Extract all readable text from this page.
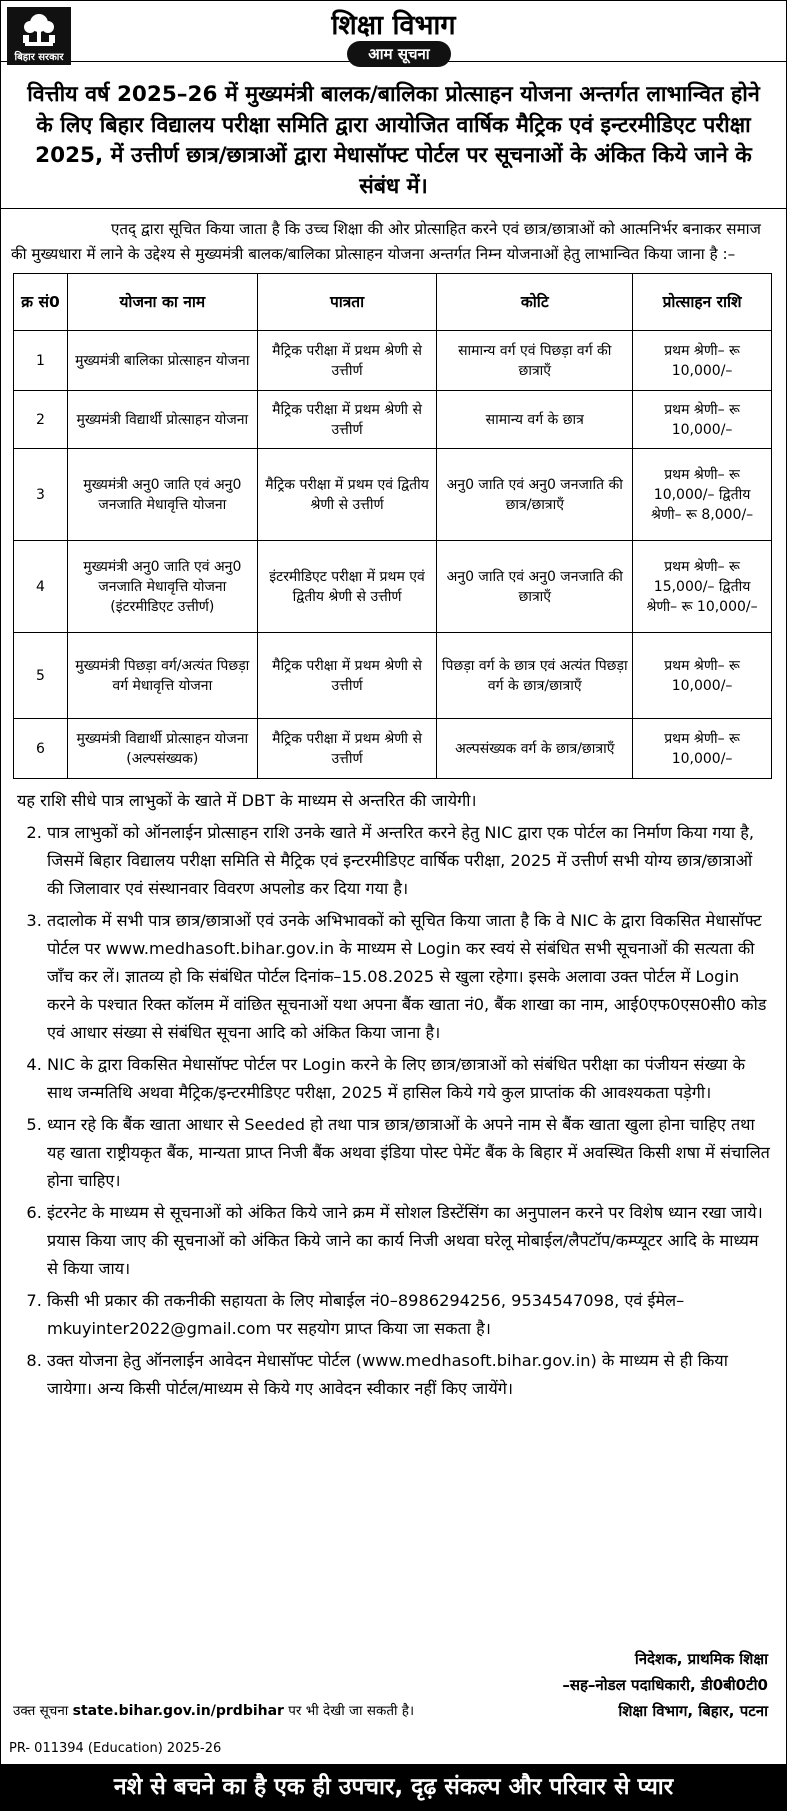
बिहार सरकार
शिक्षा विभाग
आम सूचना
वित्तीय वर्ष 2025–26 में मुख्यमंत्री बालक/बालिका प्रोत्साहन योजना अन्तर्गत लाभान्वित होने के लिए बिहार विद्यालय परीक्षा समिति द्वारा आयोजित वार्षिक मैट्रिक एवं इन्टरमीडिएट परीक्षा 2025, में उत्तीर्ण छात्र/छात्राओं द्वारा मेधासॉफ्ट पोर्टल पर सूचनाओं के अंकित किये जाने के संबंध में।
एतद् द्वारा सूचित किया जाता है कि उच्च शिक्षा की ओर प्रोत्साहित करने एवं छात्र/छात्राओं को आत्मनिर्भर बनाकर समाज की मुख्यधारा में लाने के उद्देश्य से मुख्यमंत्री बालक/बालिका प्रोत्साहन योजना अन्तर्गत निम्न योजनाओं हेतु लाभान्वित किया जाना है :–
क्र सं0	योजना का नाम	पात्रता	कोटि	प्रोत्साहन राशि
1	मुख्यमंत्री बालिका प्रोत्साहन योजना	मैट्रिक परीक्षा में प्रथम श्रेणी से उत्तीर्ण	सामान्य वर्ग एवं पिछड़ा वर्ग की छात्राएँ	प्रथम श्रेणी– रू 10,000/–
2	मुख्यमंत्री विद्यार्थी प्रोत्साहन योजना	मैट्रिक परीक्षा में प्रथम श्रेणी से उत्तीर्ण	सामान्य वर्ग के छात्र	प्रथम श्रेणी– रू 10,000/–
3	मुख्यमंत्री अनु0 जाति एवं अनु0 जनजाति मेधावृत्ति योजना	मैट्रिक परीक्षा में प्रथम एवं द्वितीय श्रेणी से उत्तीर्ण	अनु0 जाति एवं अनु0 जनजाति की छात्र/छात्राएँ	प्रथम श्रेणी– रू 10,000/– द्वितीय श्रेणी– रू 8,000/–
4	मुख्यमंत्री अनु0 जाति एवं अनु0 जनजाति मेधावृत्ति योजना (इंटरमीडिएट उत्तीर्ण)	इंटरमीडिएट परीक्षा में प्रथम एवं द्वितीय श्रेणी से उत्तीर्ण	अनु0 जाति एवं अनु0 जनजाति की छात्राएँ	प्रथम श्रेणी– रू 15,000/– द्वितीय श्रेणी– रू 10,000/–
5	मुख्यमंत्री पिछड़ा वर्ग/अत्यंत पिछड़ा वर्ग मेधावृत्ति योजना	मैट्रिक परीक्षा में प्रथम श्रेणी से उत्तीर्ण	पिछड़ा वर्ग के छात्र एवं अत्यंत पिछड़ा वर्ग के छात्र/छात्राएँ	प्रथम श्रेणी– रू 10,000/–
6	मुख्यमंत्री विद्यार्थी प्रोत्साहन योजना (अल्पसंख्यक)	मैट्रिक परीक्षा में प्रथम श्रेणी से उत्तीर्ण	अल्पसंख्यक वर्ग के छात्र/छात्राएँ	प्रथम श्रेणी– रू 10,000/–
यह राशि सीधे पात्र लाभुकों के खाते में DBT के माध्यम से अन्तरित की जायेगी।
2. पात्र लाभुकों को ऑनलाईन प्रोत्साहन राशि उनके खाते में अन्तरित करने हेतु NIC द्वारा एक पोर्टल का निर्माण किया गया है, जिसमें बिहार विद्यालय परीक्षा समिति से मैट्रिक एवं इन्टरमीडिएट वार्षिक परीक्षा, 2025 में उत्तीर्ण सभी योग्य छात्र/छात्राओं की जिलावार एवं संस्थानवार विवरण अपलोड कर दिया गया है।
3. तदालोक में सभी पात्र छात्र/छात्राओं एवं उनके अभिभावकों को सूचित किया जाता है कि वे NIC के द्वारा विकसित मेधासॉफ्ट पोर्टल पर www.medhasoft.bihar.gov.in के माध्यम से Login कर स्वयं से संबंधित सभी सूचनाओं की सत्यता की जाँच कर लें। ज्ञातव्य हो कि संबंधित पोर्टल दिनांक–15.08.2025 से खुला रहेगा। इसके अलावा उक्त पोर्टल में Login करने के पश्चात रिक्त कॉलम में वांछित सूचनाओं यथा अपना बैंक खाता नं0, बैंक शाखा का नाम, आई0एफ0एस0सी0 कोड एवं आधार संख्या से संबंधित सूचना आदि को अंकित किया जाना है।
4. NIC के द्वारा विकसित मेधासॉफ्ट पोर्टल पर Login करने के लिए छात्र/छात्राओं को संबंधित परीक्षा का पंजीयन संख्या के साथ जन्मतिथि अथवा मैट्रिक/इन्टरमीडिएट परीक्षा, 2025 में हासिल किये गये कुल प्राप्तांक की आवश्यकता पड़ेगी।
5. ध्यान रहे कि बैंक खाता आधार से Seeded हो तथा पात्र छात्र/छात्राओं के अपने नाम से बैंक खाता खुला होना चाहिए तथा यह खाता राष्ट्रीयकृत बैंक, मान्यता प्राप्त निजी बैंक अथवा इंडिया पोस्ट पेमेंट बैंक के बिहार में अवस्थित किसी शषा में संचालित होना चाहिए।
6. इंटरनेट के माध्यम से सूचनाओं को अंकित किये जाने क्रम में सोशल डिस्टेंसिंग का अनुपालन करने पर विशेष ध्यान रखा जाये। प्रयास किया जाए की सूचनाओं को अंकित किये जाने का कार्य निजी अथवा घरेलू मोबाईल/लैपटॉप/कम्प्यूटर आदि के माध्यम से किया जाय।
7. किसी भी प्रकार की तकनीकी सहायता के लिए मोबाईल नं0–8986294256, 9534547098, एवं ईमेल–mkuyinter2022@gmail.com पर सहयोग प्राप्त किया जा सकता है।
8. उक्त योजना हेतु ऑनलाईन आवेदन मेधासॉफ्ट पोर्टल (www.medhasoft.bihar.gov.in) के माध्यम से ही किया जायेगा। अन्य किसी पोर्टल/माध्यम से किये गए आवेदन स्वीकार नहीं किए जायेंगे।
निदेशक, प्राथमिक शिक्षा
–सह–नोडल पदाधिकारी, डी0बी0टी0
शिक्षा विभाग, बिहार, पटना
उक्त सूचना state.bihar.gov.in/prdbihar पर भी देखी जा सकती है।
PR- 011394 (Education) 2025-26
नशे से बचने का है एक ही उपचार, दृढ़ संकल्प और परिवार से प्यार
